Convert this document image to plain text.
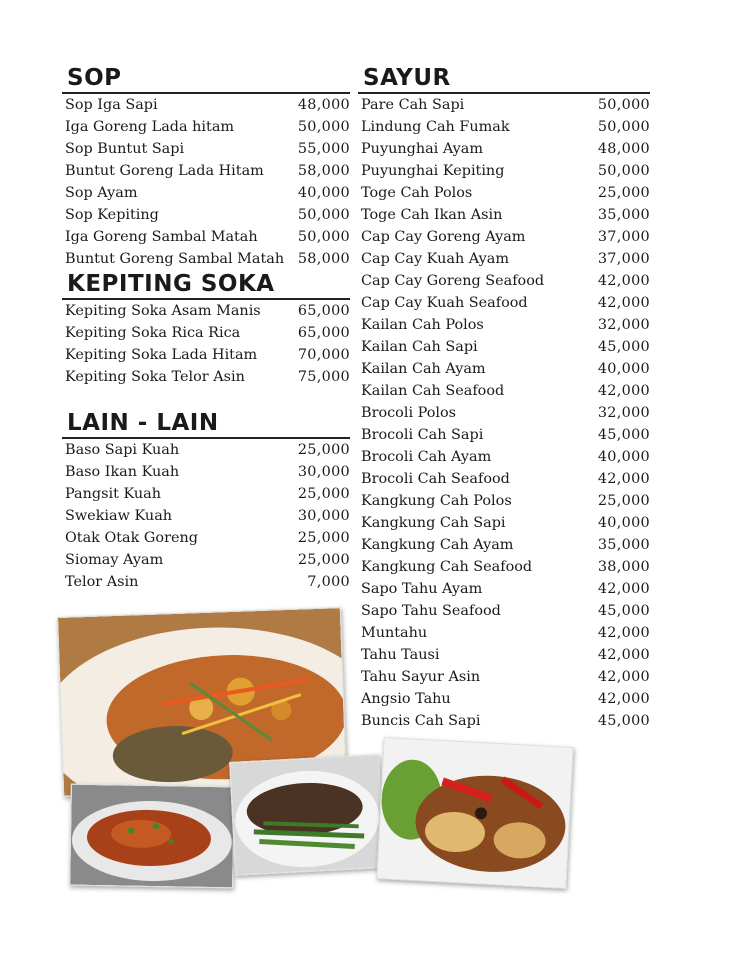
SOP
Sop Iga Sapi	48,000
Iga Goreng Lada hitam	50,000
Sop Buntut Sapi	55,000
Buntut Goreng Lada Hitam	58,000
Sop Ayam	40,000
Sop Kepiting	50,000
Iga Goreng Sambal Matah	50,000
Buntut Goreng Sambal Matah 58,000
KEPITING SOKA
Kepiting Soka Asam Manis	65,000
Kepiting Soka Rica Rica	65,000
Kepiting Soka Lada Hitam	70,000
Kepiting Soka Telor Asin	75,000
LAIN - LAIN
Baso Sapi Kuah	25,000
Baso Ikan Kuah	30,000
Pangsit Kuah	25,000
Swekiaw Kuah	30,000
Otak Otak Goreng	25,000
Siomay Ayam	25,000
Telor Asin	7,000
SAYUR
Pare Cah Sapi	50,000
Lindung Cah Fumak	50,000
Puyunghai Ayam	48,000
Puyunghai Kepiting	50,000
Toge Cah Polos	25,000
Toge Cah Ikan Asin	35,000
Cap Cay Goreng Ayam	37,000
Cap Cay Kuah Ayam	37,000
Cap Cay Goreng Seafood	42,000
Cap Cay Kuah Seafood	42,000
Kailan Cah Polos	32,000
Kailan Cah Sapi	45,000
Kailan Cah Ayam	40,000
Kailan Cah Seafood	42,000
Brocoli Polos	32,000
Brocoli Cah Sapi	45,000
Brocoli Cah Ayam	40,000
Brocoli Cah Seafood	42,000
Kangkung Cah Polos	25,000
Kangkung Cah Sapi	40,000
Kangkung Cah Ayam	35,000
Kangkung Cah Seafood	38,000
Sapo Tahu Ayam	42,000
Sapo Tahu Seafood	45,000
Muntahu	42,000
Tahu Tausi	42,000
Tahu Sayur Asin	42,000
Angsio Tahu	42,000
Buncis Cah Sapi	45,000
